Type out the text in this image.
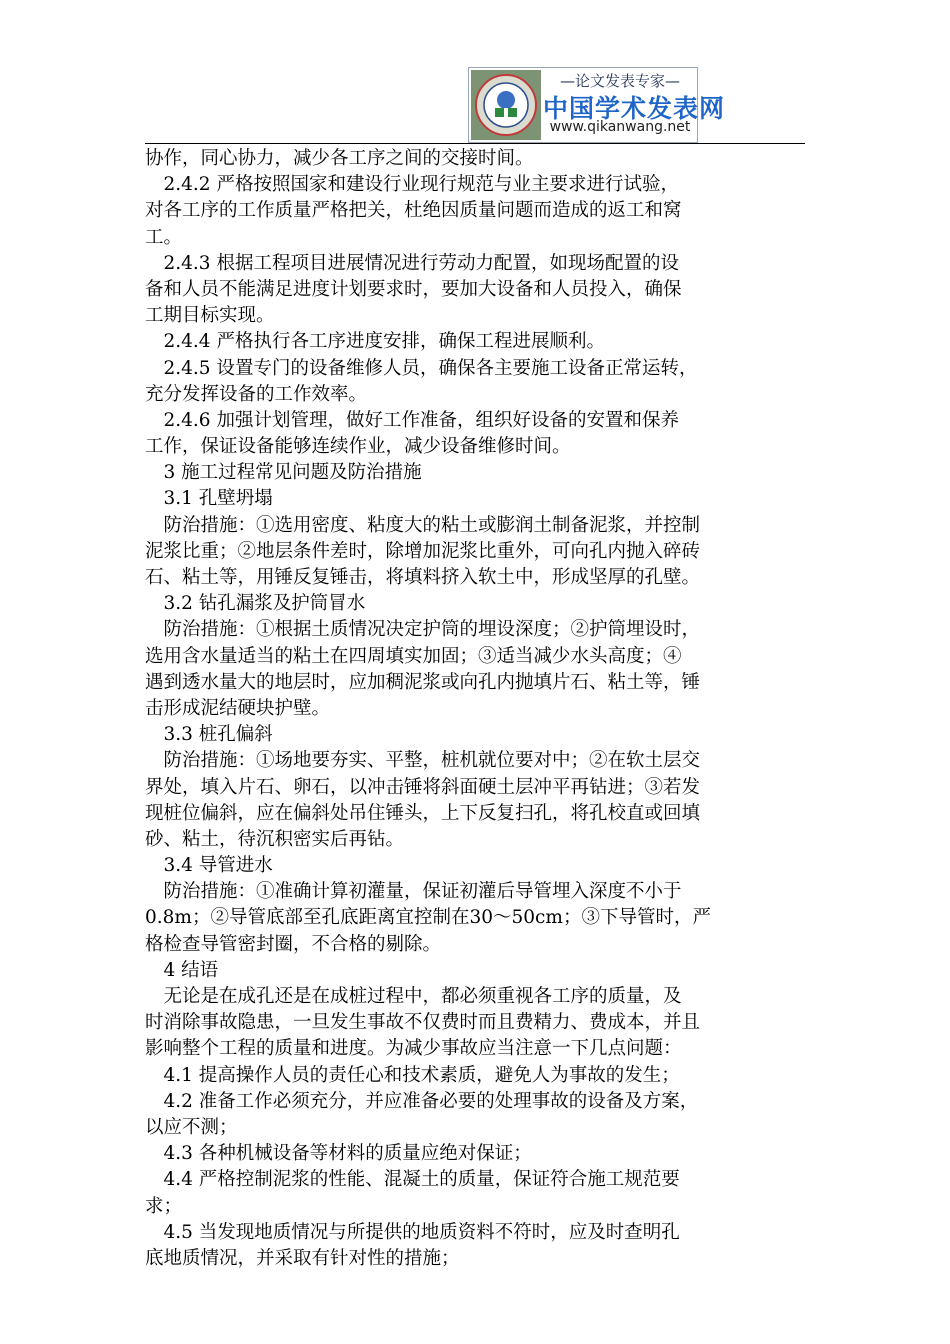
—论文发表专家—
中国学术发表网
www.qikanwang.net
协作，同心协力，减少各工序之间的交接时间。
　2.4.2 严格按照国家和建设行业现行规范与业主要求进行试验，
对各工序的工作质量严格把关，杜绝因质量问题而造成的返工和窝
工。
　2.4.3 根据工程项目进展情况进行劳动力配置，如现场配置的设
备和人员不能满足进度计划要求时，要加大设备和人员投入，确保
工期目标实现。
　2.4.4 严格执行各工序进度安排，确保工程进展顺利。
　2.4.5 设置专门的设备维修人员，确保各主要施工设备正常运转，
充分发挥设备的工作效率。
　2.4.6 加强计划管理，做好工作准备，组织好设备的安置和保养
工作，保证设备能够连续作业，减少设备维修时间。
　3 施工过程常见问题及防治措施
　3.1 孔壁坍塌
　防治措施：①选用密度、粘度大的粘土或膨润土制备泥浆，并控制
泥浆比重；②地层条件差时，除增加泥浆比重外，可向孔内抛入碎砖
石、粘土等，用锤反复锤击，将填料挤入软土中，形成坚厚的孔壁。
　3.2 钻孔漏浆及护筒冒水
　防治措施：①根据土质情况决定护筒的埋设深度；②护筒埋设时，
选用含水量适当的粘土在四周填实加固；③适当减少水头高度；④
遇到透水量大的地层时，应加稠泥浆或向孔内抛填片石、粘土等，锤
击形成泥结硬块护壁。
　3.3 桩孔偏斜
　防治措施：①场地要夯实、平整，桩机就位要对中；②在软土层交
界处，填入片石、卵石，以冲击锤将斜面硬土层冲平再钻进；③若发
现桩位偏斜，应在偏斜处吊住锤头，上下反复扫孔，将孔校直或回填
砂、粘土，待沉积密实后再钻。
　3.4 导管进水
　防治措施：①准确计算初灌量，保证初灌后导管埋入深度不小于
0.8m；②导管底部至孔底距离宜控制在30～50cm；③下导管时，严
格检查导管密封圈，不合格的剔除。
　4 结语
　无论是在成孔还是在成桩过程中，都必须重视各工序的质量，及
时消除事故隐患，一旦发生事故不仅费时而且费精力、费成本，并且
影响整个工程的质量和进度。为减少事故应当注意一下几点问题：
　4.1 提高操作人员的责任心和技术素质，避免人为事故的发生；
　4.2 准备工作必须充分，并应准备必要的处理事故的设备及方案，
以应不测；
　4.3 各种机械设备等材料的质量应绝对保证；
　4.4 严格控制泥浆的性能、混凝土的质量，保证符合施工规范要
求；
　4.5 当发现地质情况与所提供的地质资料不符时，应及时查明孔
底地质情况，并采取有针对性的措施；
